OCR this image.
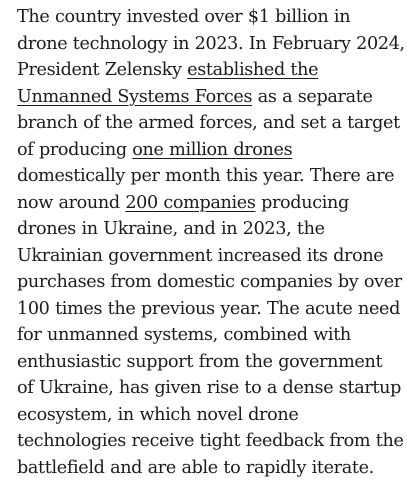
The country invested over $1 billion in
drone technology in 2023. In February 2024,
President Zelensky established the
Unmanned Systems Forces as a separate
branch of the armed forces, and set a target
of producing one million drones
domestically per month this year. There are
now around 200 companies producing
drones in Ukraine, and in 2023, the
Ukrainian government increased its drone
purchases from domestic companies by over
100 times the previous year. The acute need
for unmanned systems, combined with
enthusiastic support from the government
of Ukraine, has given rise to a dense startup
ecosystem, in which novel drone
technologies receive tight feedback from the
battlefield and are able to rapidly iterate.
